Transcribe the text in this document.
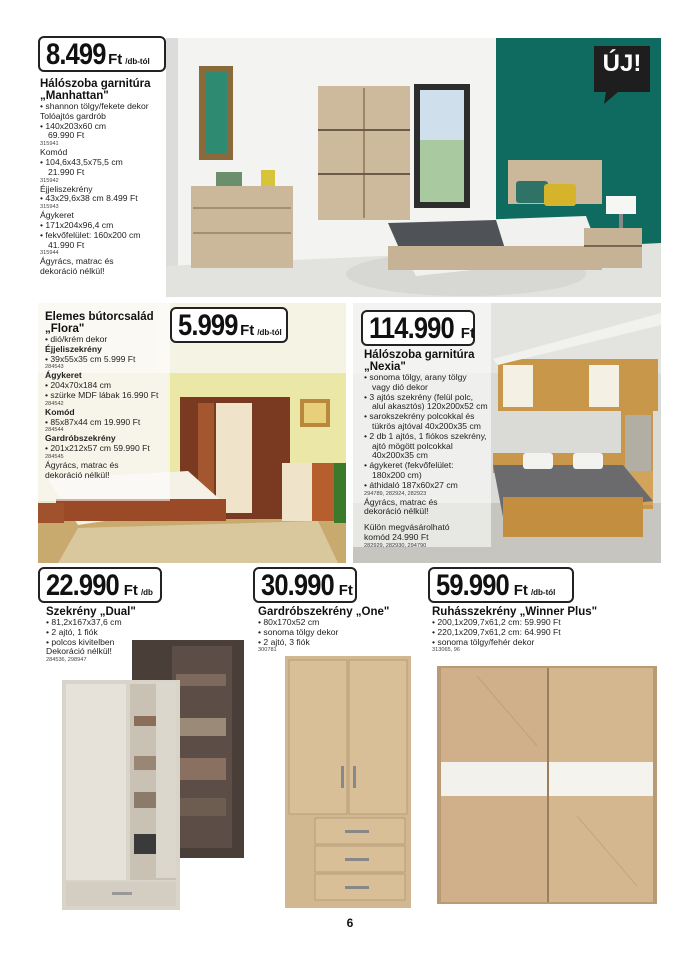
8.499 Ft /db-tól
Hálószoba garnitúra
„Manhattan"
• shannon tölgy/fekete dekor
Tolóajtós gardrób
• 140x203x60 cm
69.990 Ft
315941
Komód
• 104,6x43,5x75,5 cm
21.990 Ft
315942
Éjjeliszekrény
• 43x29,6x38 cm 8.499 Ft
315943
Ágykeret
• 171x204x96,4 cm
• fekvőfelület: 160x200 cm
41.990 Ft
315944
Ágyrács, matrac és
dekoráció nélkül!
ÚJ!
Elemes bútorcsalád
„Flora"
• dió/krém dekor
Éjjeliszekrény
• 39x55x35 cm 5.999 Ft
284543
Ágykeret
• 204x70x184 cm
• szürke MDF lábak 16.990 Ft
284542
Komód
• 85x87x44 cm 19.990 Ft
284544
Gardróbszekrény
• 201x212x57 cm 59.990 Ft
284545
Ágyrács, matrac és
dekoráció nélkül!
5.999 Ft /db-tól	114.990 Ft
Hálószoba garnitúra
„Nexia"
• sonoma tölgy, arany tölgy
vagy dió dekor
• 3 ajtós szekrény (felül polc,
alul akasztós) 120x200x52 cm
• sarokszekrény polcokkal és
tükrös ajtóval 40x200x35 cm
• 2 db 1 ajtós, 1 fiókos szekrény,
ajtó mögött polcokkal
40x200x35 cm
• ágykeret (fekvőfelület:
180x200 cm)
• áthidaló 187x60x27 cm
294789, 282924, 282923
Ágyrács, matrac és
dekoráció nélkül!
Külön megvásárolható
komód 24.990 Ft
282929, 282930, 294790
22.990 Ft /db
Szekrény „Dual"
• 81,2x167x37,6 cm
• 2 ajtó, 1 fiók
• polcos kivitelben
Dekoráció nélkül!
284536, 298947
30.990 Ft
Gardróbszekrény „One"
• 80x170x52 cm
• sonoma tölgy dekor
• 2 ajtó, 3 fiók
300781
59.990 Ft /db-tól
Ruhásszekrény „Winner Plus"
• 200,1x209,7x61,2 cm: 59.990 Ft
• 220,1x209,7x61,2 cm: 64.990 Ft
• sonoma tölgy/fehér dekor
313065, 96
6
